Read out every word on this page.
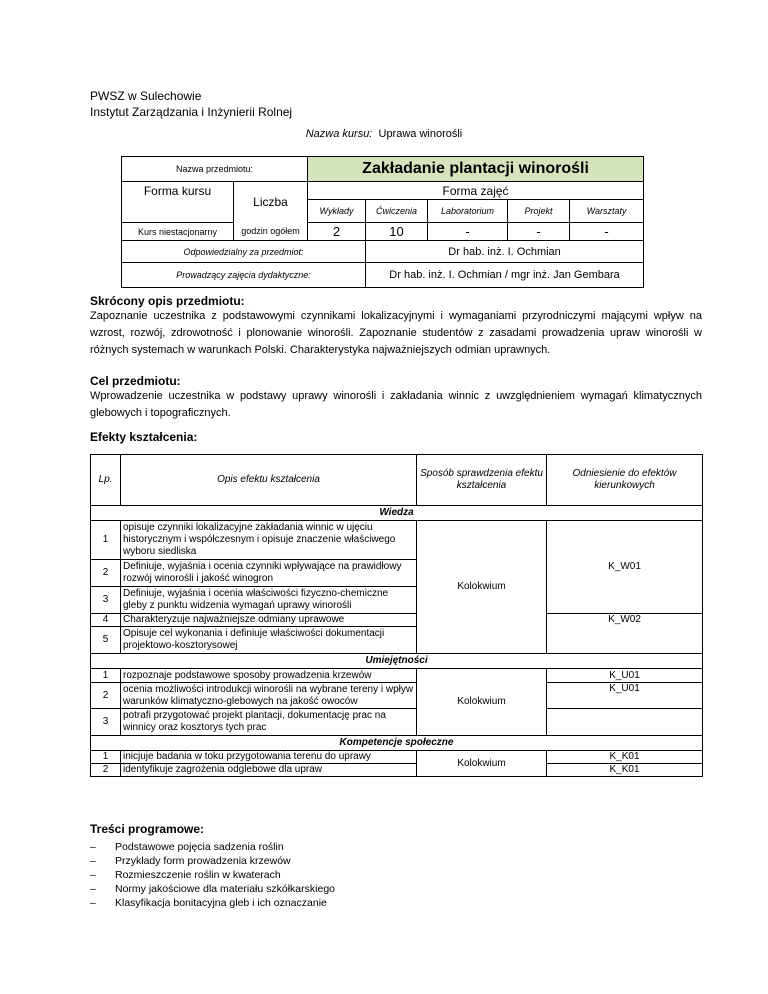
PWSZ w Sulechowie
Instytut Zarządzania i Inżynierii Rolnej
Nazwa kursu: Uprawa winorośli
Nazwa przedmiotu:		Zakładanie plantacji winorośli				
Forma kursu	Liczba	Forma zajęć				
		Wykłady	Ćwiczenia	Laboratorium	Projekt	Warsztaty
Kurs niestacjonarny	godzin ogółem	2	10	-	-	-
Odpowiedzialny za przedmiot:			Dr hab. inż. I. Ochmian			
Prowadzący zajęcia dydaktyczne:			Dr hab. inż. I. Ochmian / mgr inż. Jan Gembara			
Skrócony opis przedmiotu:
Zapoznanie uczestnika z podstawowymi czynnikami lokalizacyjnymi i wymaganiami przyrodniczymi mającymi wpływ na wzrost, rozwój, zdrowotność i plonowanie winorośli. Zapoznanie studentów z zasadami prowadzenia upraw winorośli w różnych systemach w warunkach Polski. Charakterystyka najważniejszych odmian uprawnych.
Cel przedmiotu:
Wprowadzenie uczestnika w podstawy uprawy winorośli i zakładania winnic z uwzględnieniem wymagań klimatycznych glebowych i topograficznych.
Efekty kształcenia:
Lp.	Opis efektu kształcenia	Sposób sprawdzenia efektu kształcenia	Odniesienie do efektów kierunkowych
Wiedza			
1	opisuje czynniki lokalizacyjne zakładania winnic w ujęciu historycznym i współczesnym i opisuje znaczenie właściwego wyboru siedliska	Kolokwium	K_W01
2	Definiuje, wyjaśnia i ocenia czynniki wpływające na prawidłowy rozwój winorośli i jakość winogron		
3	Definiuje, wyjaśnia i ocenia właściwości fizyczno-chemiczne gleby z punktu widzenia wymagań uprawy winorośli		
4	Charakteryzuje najważniejsze odmiany uprawowe		K_W02
5	Opisuje cel wykonania i definiuje właściwości dokumentacji projektowo-kosztorysowej		
Umiejętności			
1	rozpoznaje podstawowe sposoby prowadzenia krzewów	Kolokwium	K_U01
2	ocenia możliwości introdukcji winorośli na wybrane tereny i wpływ warunków klimatyczno-glebowych na jakość owoców		K_U01
3	potrafi przygotować projekt plantacji, dokumentację prac na winnicy oraz kosztorys tych prac		
Kompetencje społeczne			
1	inicjuje badania w toku przygotowania terenu do uprawy	Kolokwium	K_K01
2	identyfikuje zagrożenia odglebowe dla upraw		K_K01
Treści programowe:
– Podstawowe pojęcia sadzenia roślin
– Przykłady form prowadzenia krzewów
– Rozmieszczenie roślin w kwaterach
– Normy jakościowe dla materiału szkółkarskiego
– Klasyfikacja bonitacyjna gleb i ich oznaczanie
